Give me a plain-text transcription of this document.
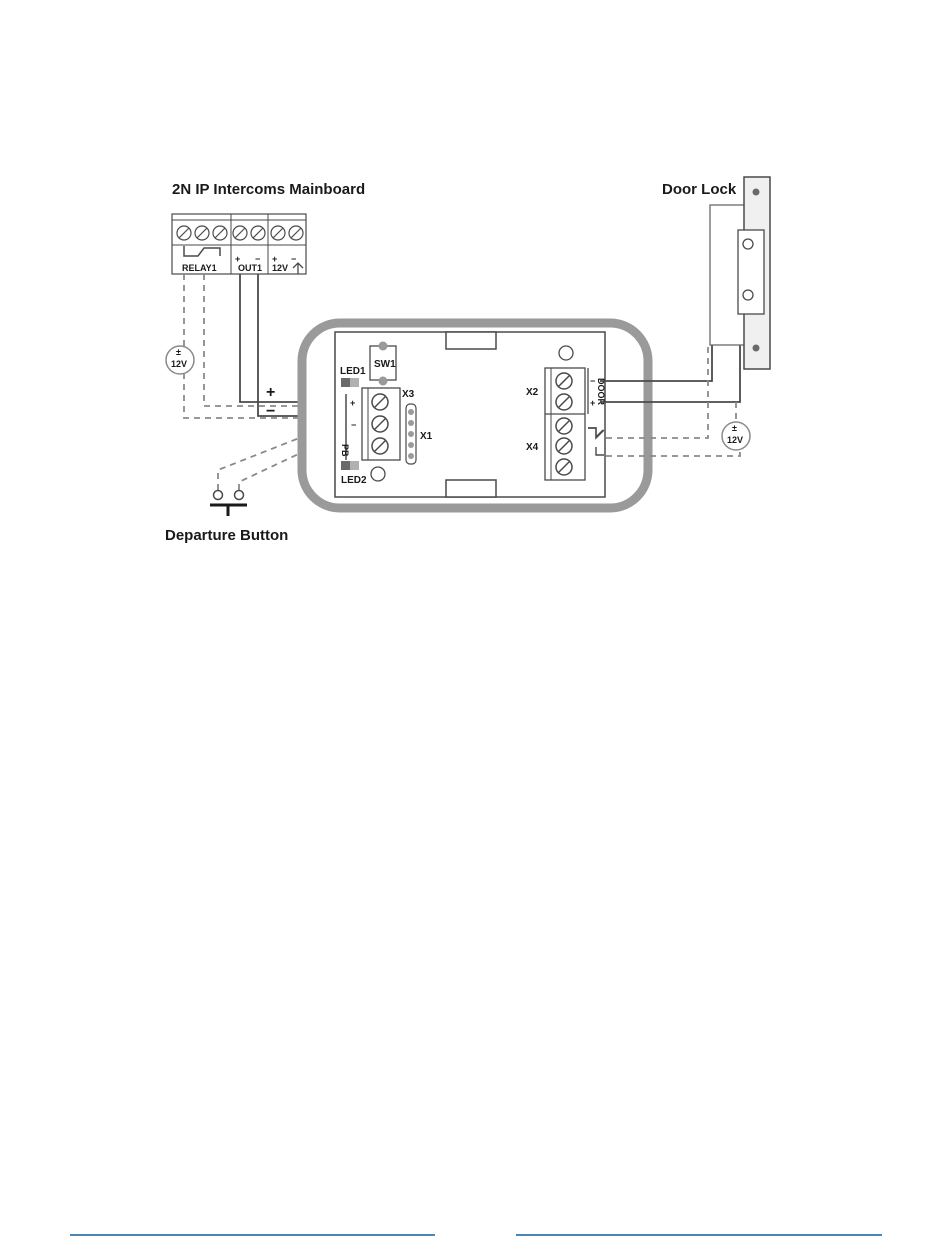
2N IP Intercoms Mainboard	Door Lock
Departure Button
RELAY1
+ −
OUT1
+ −
12V
+
−
±
12V	SW1
LED1
LED2
+
−
PB
X3
X1
X2
X4
−
+ DOOR
±
12V
